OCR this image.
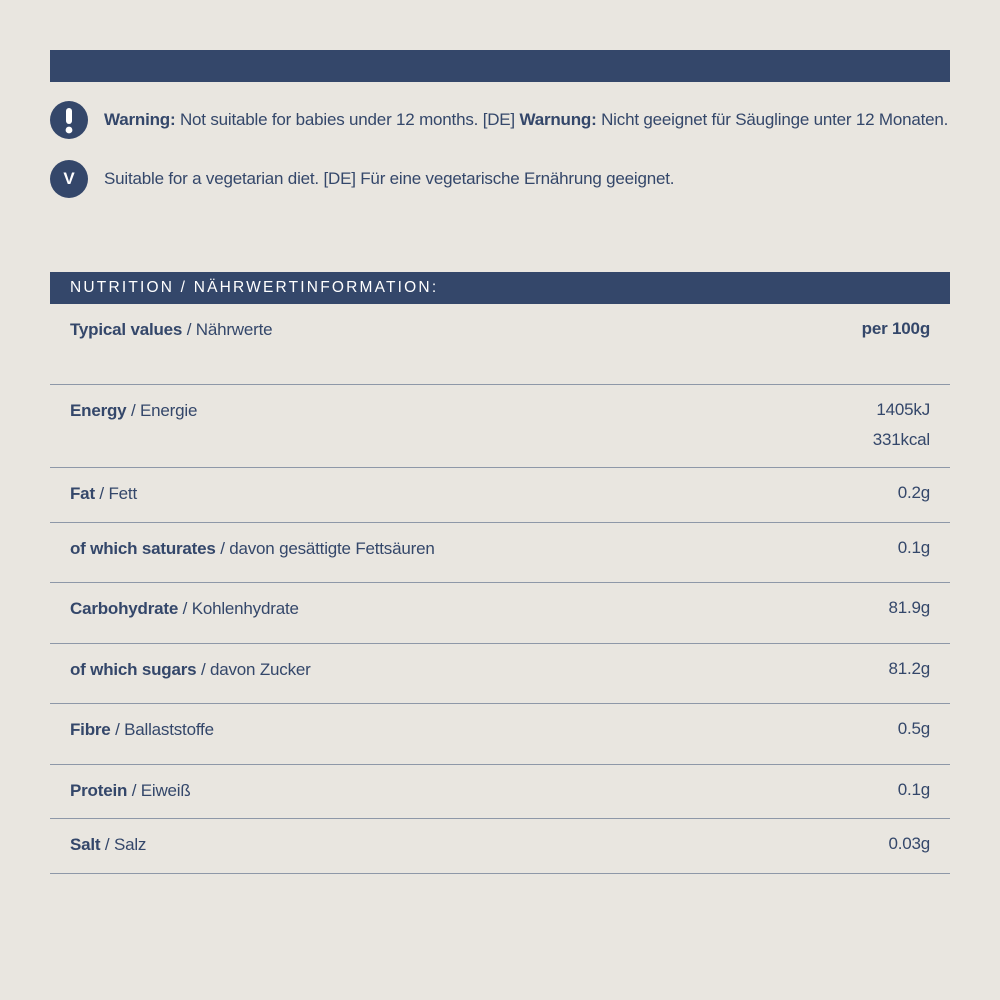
Warning: Not suitable for babies under 12 months. [DE] Warnung: Nicht geeignet für Säuglinge unter 12 Monaten.
V	Suitable for a vegetarian diet. [DE] Für eine vegetarische Ernährung geeignet.
NUTRITION / NÄHRWERTINFORMATION:
Typical values / Nährwerte	per 100g
Energy / Energie	1405kJ
331kcal
Fat / Fett	0.2g
of which saturates / davon gesättigte Fettsäuren	0.1g
Carbohydrate / Kohlenhydrate	81.9g
of which sugars / davon Zucker	81.2g
Fibre / Ballaststoffe	0.5g
Protein / Eiweiß	0.1g
Salt / Salz	0.03g
